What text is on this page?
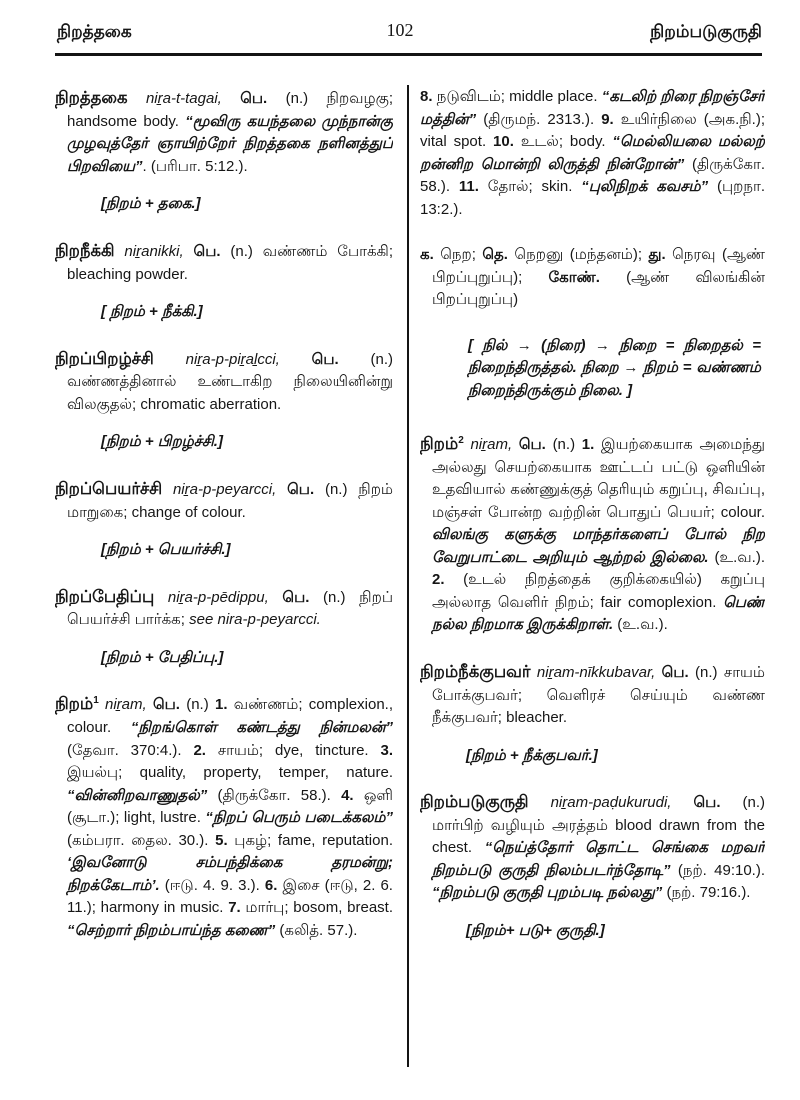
நிறத்தகை	102	நிறம்படுகுருதி

நிறத்தகை niṟa-t-tagai, பெ. (n.) நிறவழகு; handsome body. “மூவிரு கயந்தலை முந்நான்கு முழவுத்தேர் ஞாயிற்றேர் நிறத்தகை நளினத்துப் பிறவியை”. (பரிபா. 5:12.).

[நிறம் + தகை.]

நிறநீக்கி niṟanikki, பெ. (n.) வண்ணம் போக்கி; bleaching powder.

[ நிறம் + நீக்கி.]

நிறப்பிறழ்ச்சி niṟa-p-piṟaḻcci, பெ. (n.) வண்ணத்தினால் உண்டாகிற நிலையினின்று விலகுதல்; chromatic aberration.

[நிறம் + பிறழ்ச்சி.]

நிறப்பெயர்ச்சி niṟa-p-peyarcci, பெ. (n.) நிறம் மாறுகை; change of colour.

[நிறம் + பெயர்ச்சி.]

நிறப்பேதிப்பு niṟa-p-pēdippu, பெ. (n.) நிறப் பெயர்ச்சி பார்க்க; see nira-p-peyarcci.

[நிறம் + பேதிப்பு.]

நிறம்$^1$ niṟam, பெ. (n.) 1. வண்ணம்; complexion., colour. “நிறங்கொள் கண்டத்து நின்மலன்” (தேவா. 370:4.). 2. சாயம்; dye, tincture. 3. இயல்பு; quality, property, temper, nature. “வின்னிறவாணுதல்” (திருக்கோ. 58.). 4. ஒளி (சூடா.); light, lustre. “நிறப் பெரும் படைக்கலம்” (கம்பரா. தைல. 30.). 5. புகழ்; fame, reputation. ‘இவனோடு சம்பந்திக்கை தரமன்று; நிறக்கேடாம்’. (ஈடு. 4. 9. 3.). 6. இசை (ஈடு, 2. 6. 11.); harmony in music. 7. மார்பு; bosom, breast. “செற்றார் நிறம்பாய்ந்த கணை” (கலித். 57.).

8. நடுவிடம்; middle place. “கடலிற் றிரை நிறஞ்சேர் மத்தின்” (திருமந். 2313.). 9. உயிர்நிலை (அக.நி.); vital spot. 10. உடல்; body. “மெல்லியலை மல்லற் றன்னிற மொன்றி லிருத்தி நின்றோன்” (திருக்கோ. 58.). 11. தோல்; skin. “புலிநிறக் கவசம்” (புறநா. 13:2.).

க. நெற; தெ. நெறனு (மந்தனம்); து. நெரவு (ஆண் பிறப்புறுப்பு); கோண். (ஆண் விலங்கின் பிறப்புறுப்பு)

[ நில் → (நிரை) → நிறை = நிறைதல் = நிறைந்திருத்தல். நிறை → நிறம் = வண்ணம் நிறைந்திருக்கும் நிலை. ]

நிறம்$^2$ niṟam, பெ. (n.) 1. இயற்கையாக அமைந்து அல்லது செயற்கையாக ஊட்டப் பட்டு ஒளியின் உதவியால் கண்ணுக்குத் தெரியும் கறுப்பு, சிவப்பு, மஞ்சள் போன்ற வற்றின் பொதுப் பெயர்; colour. விலங்கு களுக்கு மாந்தர்களைப் போல் நிற வேறுபாட்டை அறியும் ஆற்றல் இல்லை. (உ.வ.). 2. (உடல் நிறத்தைக் குறிக்கையில்) கறுப்பு அல்லாத வெளிர் நிறம்; fair comoplexion. பெண் நல்ல நிறமாக இருக்கிறாள். (உ.வ.).

நிறம்நீக்குபவர் niṟam-nīkkubavar, பெ. (n.) சாயம் போக்குபவர்; வெளிரச் செய்யும் வண்ண நீக்குபவர்; bleacher.

[நிறம் + நீக்குபவர்.]

நிறம்படுகுருதி niṟam-paḍukurudi, பெ. (n.) மார்பிற் வழியும் அரத்தம் blood drawn from the chest. “நெய்த்தோர் தொட்ட செங்கை மறவர் நிறம்படு குருதி நிலம்படர்ந்தோடி” (நற். 49:10.). “நிறம்படு குருதி புறம்படி நல்லது” (நற். 79:16.).

[நிறம்+ படு+ குருதி.]
